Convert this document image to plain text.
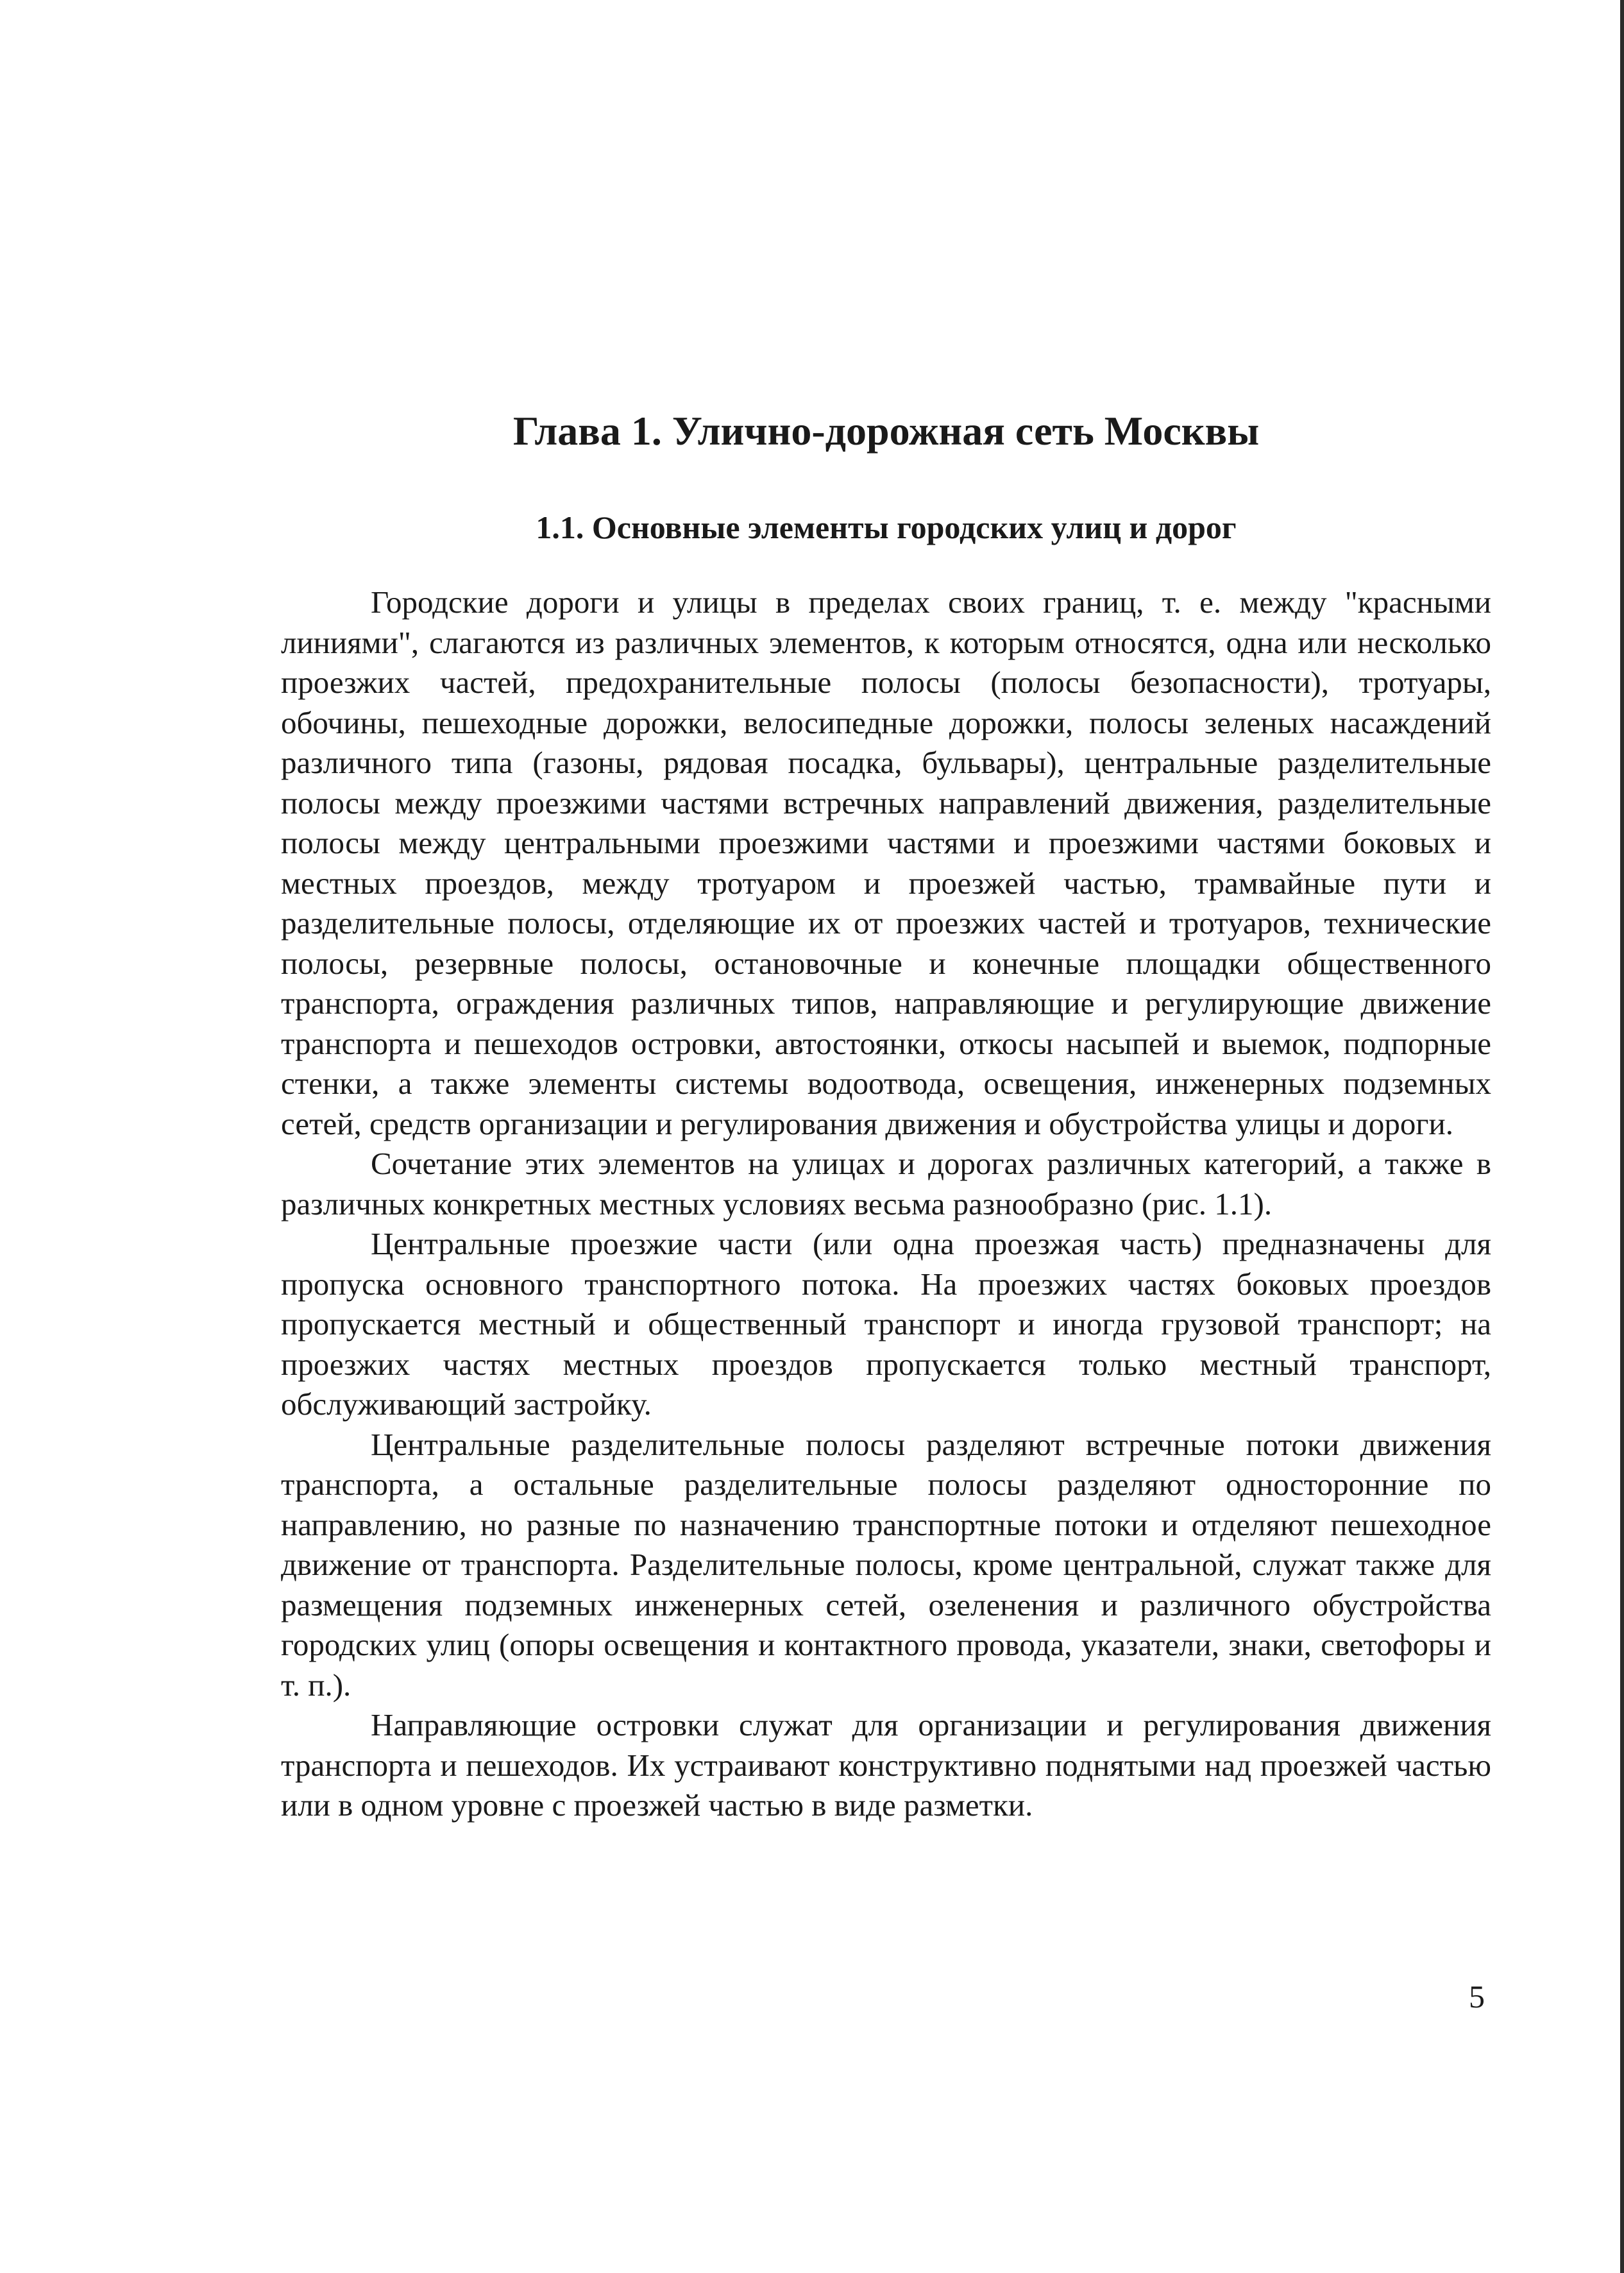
Глава 1. Улично-дорожная сеть Москвы
1.1. Основные элементы городских улиц и дорог

Городские дороги и улицы в пределах своих границ, т. е. между "красными линиями", слагаются из различных элементов, к которым относятся, одна или несколько проезжих частей, предохранительные полосы (полосы безопасности), тротуары, обочины, пешеходные дорожки, велосипедные дорожки, полосы зеленых насаждений различного типа (газоны, рядовая посадка, бульвары), центральные разделительные полосы между проезжими частями встречных направлений движения, разделительные полосы между центральными проезжими частями и проезжими частями боковых и местных проездов, между тротуаром и проезжей частью, трамвайные пути и разделительные полосы, отделяющие их от проезжих частей и тротуаров, технические полосы, резервные полосы, остановочные и конечные площадки общественного транспорта, ограждения различных типов, направляющие и регулирующие движение транспорта и пешеходов островки, автостоянки, откосы насыпей и выемок, подпорные стенки, а также элементы системы водоотвода, освещения, инженерных подземных сетей, средств организации и регулирования движения и обустройства улицы и дороги.

Сочетание этих элементов на улицах и дорогах различных категорий, а также в различных конкретных местных условиях весьма разнообразно (рис. 1.1).

Центральные проезжие части (или одна проезжая часть) предназначены для пропуска основного транспортного потока. На проезжих частях боковых проездов пропускается местный и общественный транспорт и иногда грузовой транспорт; на проезжих частях местных проездов пропускается только местный транспорт, обслуживающий застройку.

Центральные разделительные полосы разделяют встречные потоки движения транспорта, а остальные разделительные полосы разделяют односторонние по направлению, но разные по назначению транспортные потоки и отделяют пешеходное движение от транспорта. Разделительные полосы, кроме центральной, служат также для размещения подземных инженерных сетей, озеленения и различного обустройства городских улиц (опоры освещения и контактного провода, указатели, знаки, светофоры и т. п.).

Направляющие островки служат для организации и регулирования движения транспорта и пешеходов. Их устраивают конструктивно поднятыми над проезжей частью или в одном уровне с проезжей частью в виде разметки.

5
